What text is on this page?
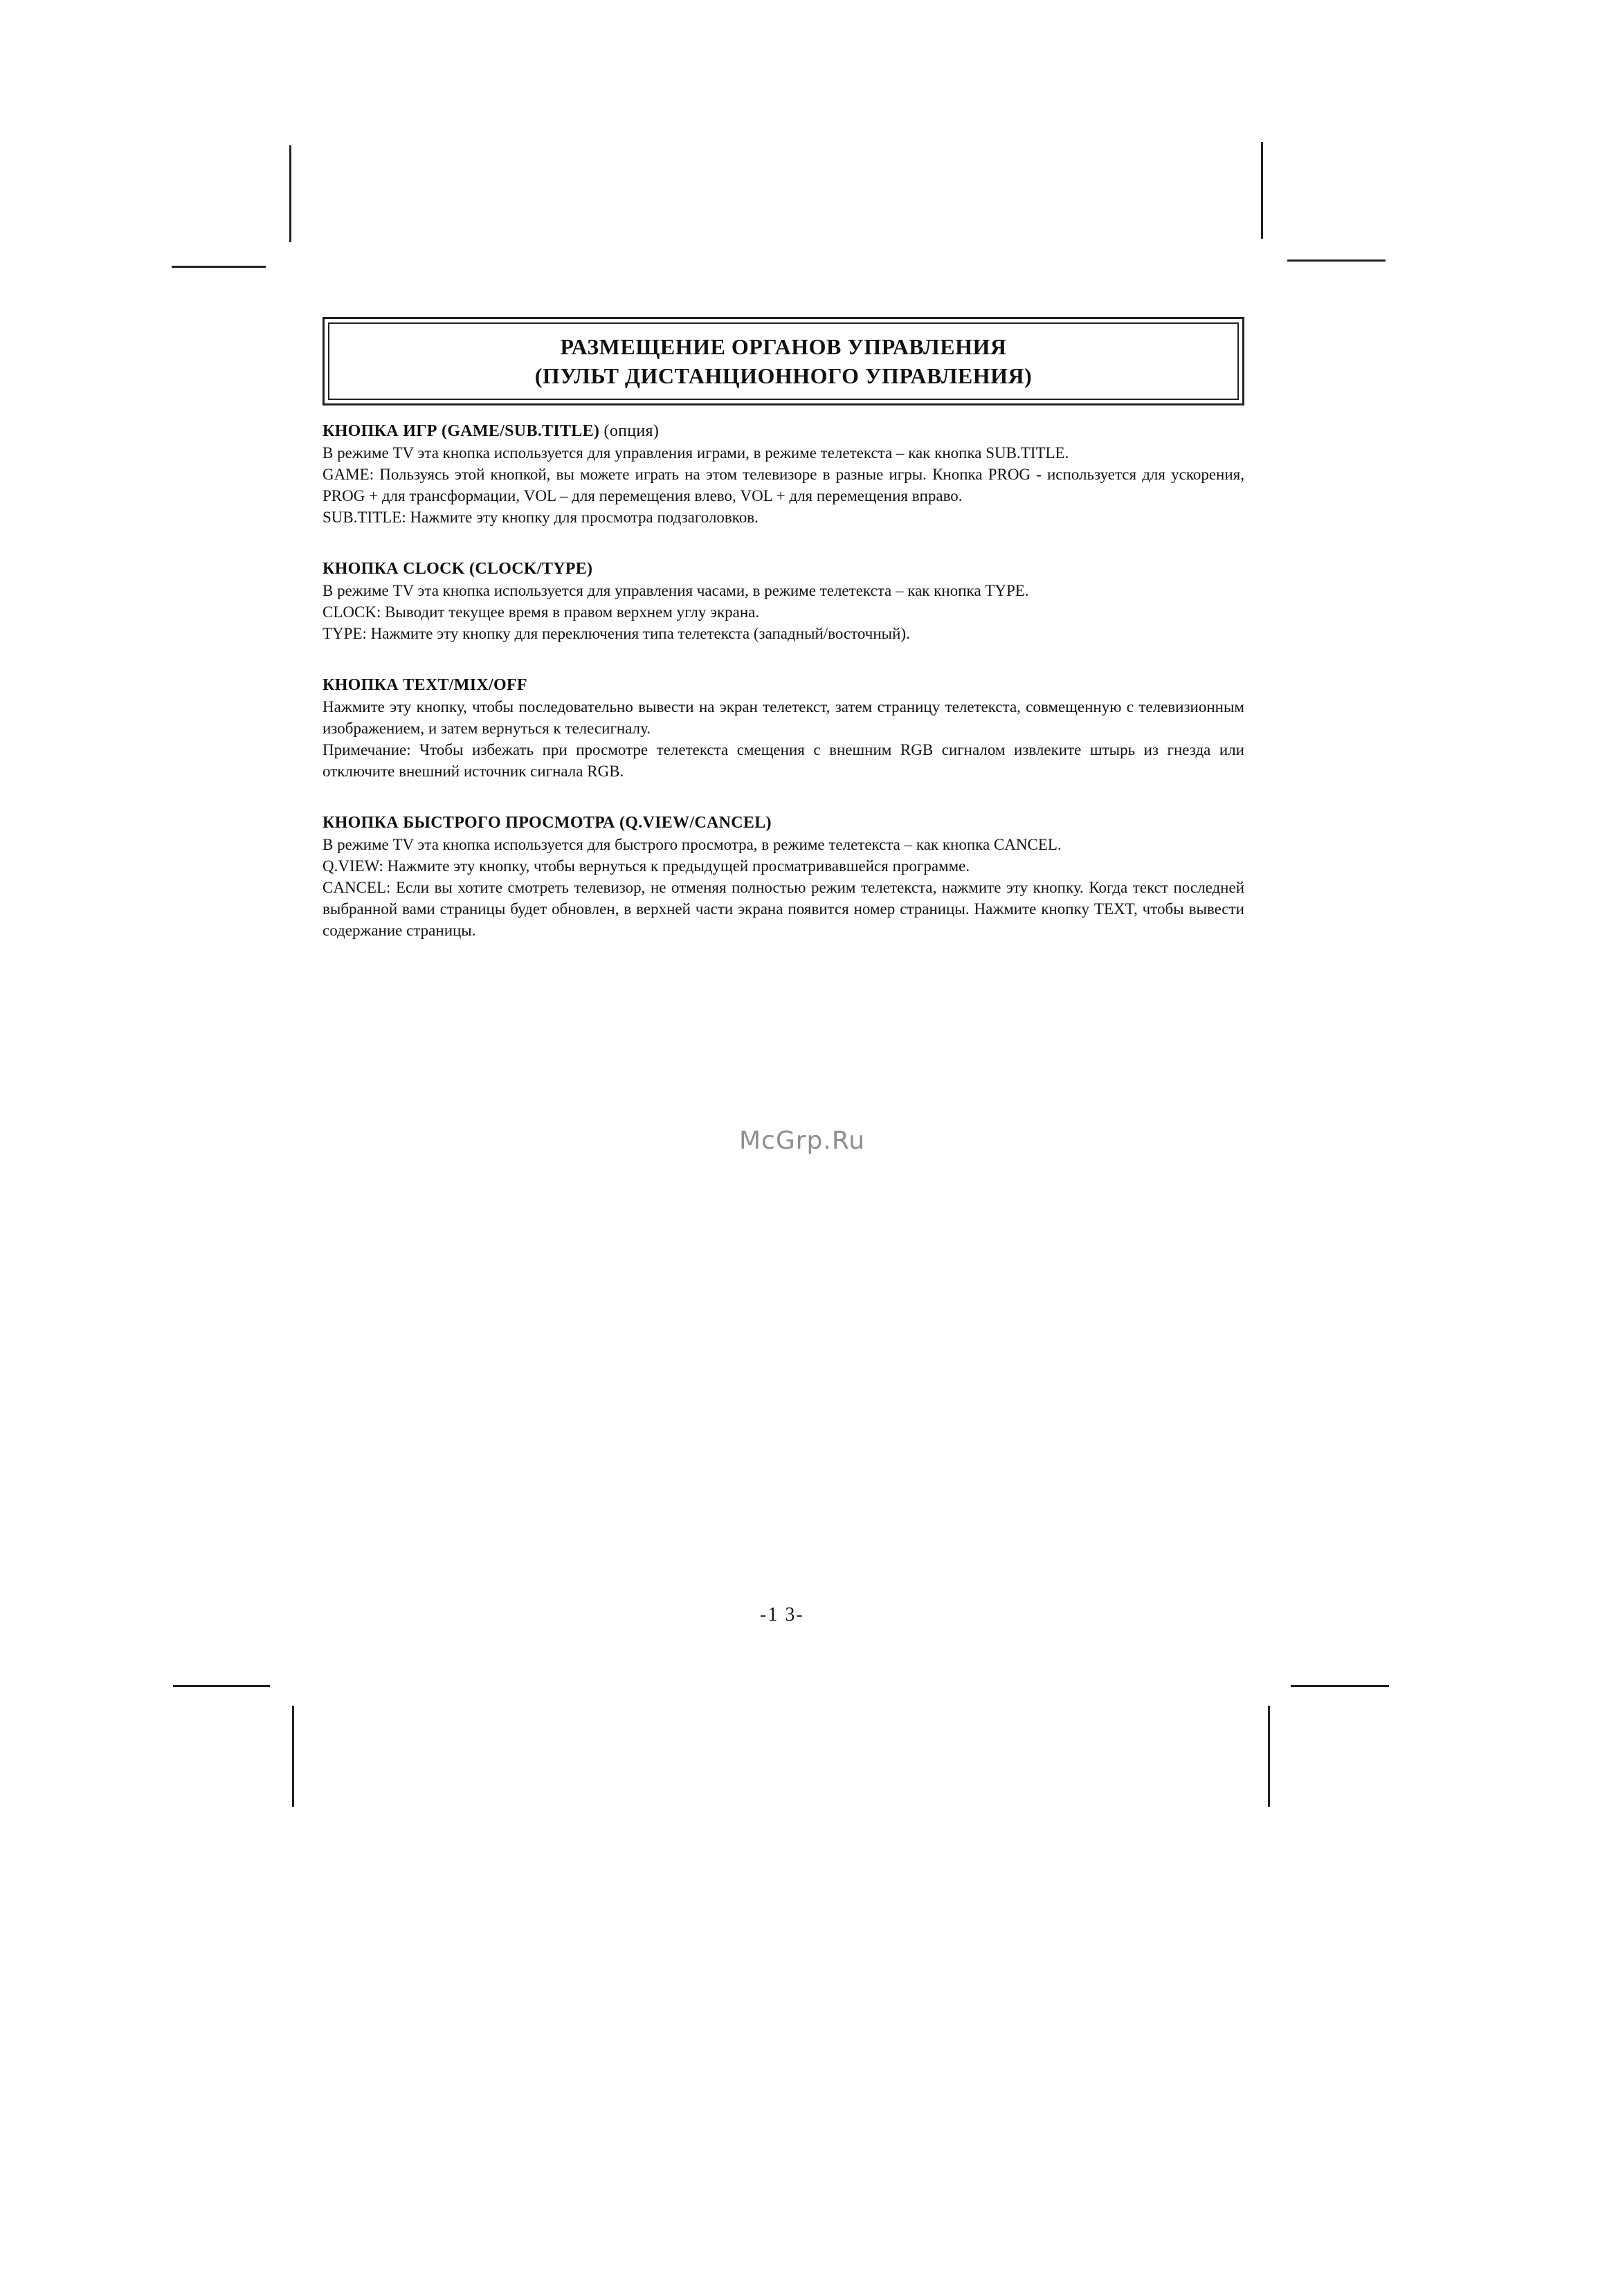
РАЗМЕЩЕНИЕ ОРГАНОВ УПРАВЛЕНИЯ
(ПУЛЬТ ДИСТАНЦИОННОГО УПРАВЛЕНИЯ)
КНОПКА ИГР (GAME/SUB.TITLE) (опция)
В режиме TV эта кнопка используется для управления играми, в режиме телетекста – как кнопка SUB.TITLE.
GAME: Пользуясь этой кнопкой, вы можете играть на этом телевизоре в разные игры. Кнопка PROG - используется для ускорения, PROG + для трансформации, VOL – для перемещения влево, VOL + для перемещения вправо.
SUB.TITLE: Нажмите эту кнопку для просмотра подзаголовков.
КНОПКА CLOCK (CLOCK/TYPE)
В режиме TV эта кнопка используется для управления часами, в режиме телетекста – как кнопка TYPE.
CLOCK: Выводит текущее время в правом верхнем углу экрана.
TYPE: Нажмите эту кнопку для переключения типа телетекста (западный/восточный).
КНОПКА TEXT/MIX/OFF
Нажмите эту кнопку, чтобы последовательно вывести на экран телетекст, затем страницу телетекста, совмещенную с телевизионным изображением, и затем вернуться к телесигналу.
Примечание: Чтобы избежать при просмотре телетекста смещения с внешним RGB сигналом извлеките штырь из гнезда или отключите внешний источник сигнала RGB.
КНОПКА БЫСТРОГО ПРОСМОТРА (Q.VIEW/CANCEL)
В режиме TV эта кнопка используется для быстрого просмотра, в режиме телетекста – как кнопка CANCEL.
Q.VIEW: Нажмите эту кнопку, чтобы вернуться к предыдущей просматривавшейся программе.
CANCEL: Если вы хотите смотреть телевизор, не отменяя полностью режим телетекста, нажмите эту кнопку. Когда текст последней выбранной вами страницы будет обновлен, в верхней части экрана появится номер страницы. Нажмите кнопку TEXT, чтобы вывести содержание страницы.
McGrp.Ru
-1 3-
